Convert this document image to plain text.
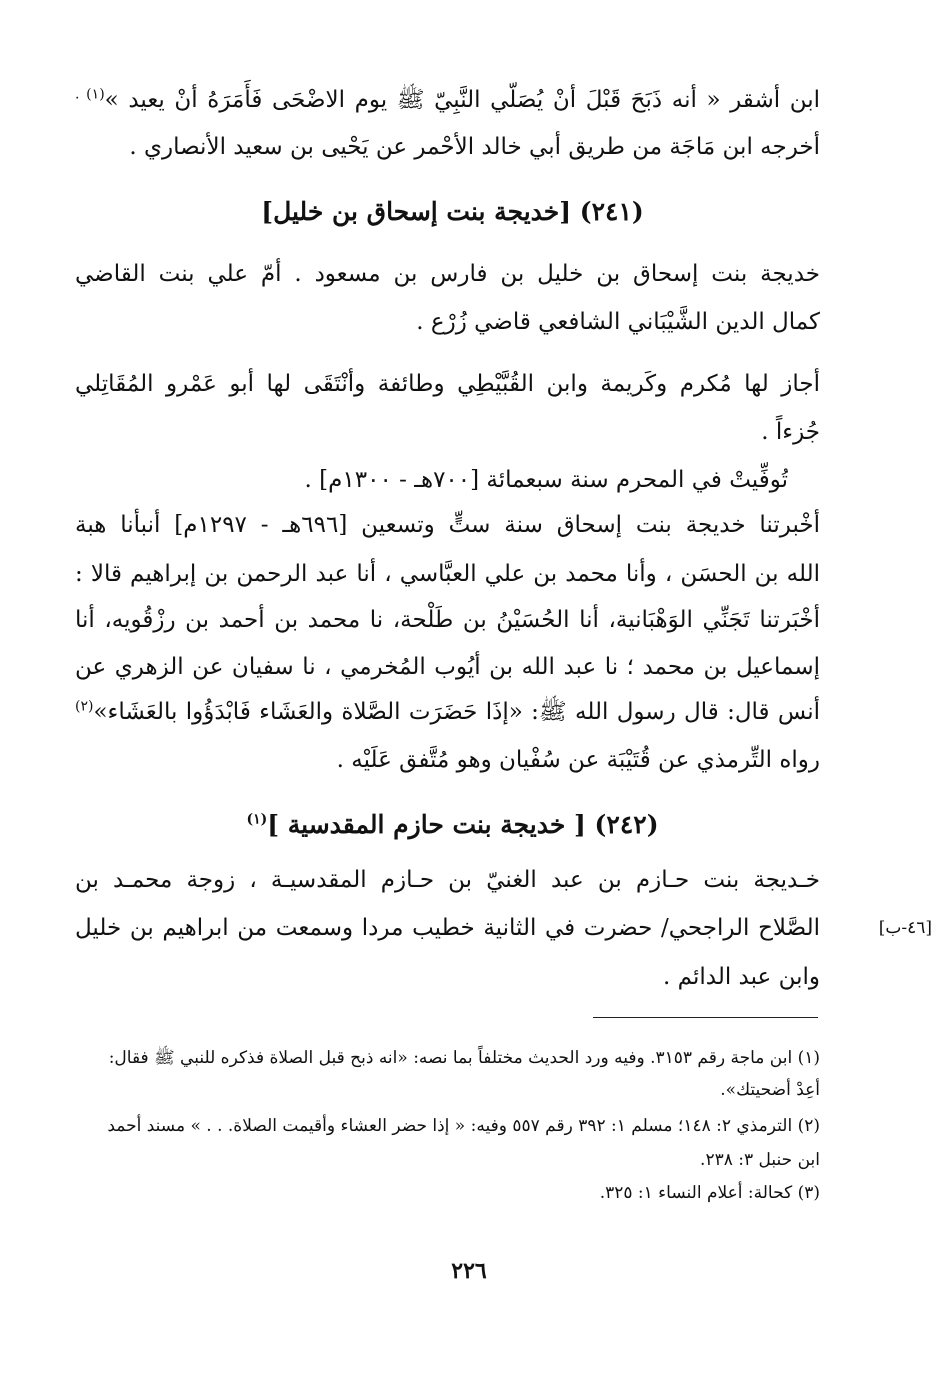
ابن أشقر « أنه ذَبَحَ قَبْلَ أنْ يُصَلّي النَّبِيّ ﷺ يوم الاضْحَى فَأَمَرَهُ أنْ يعيد »$^{(١) .}$
أخرجه ابن مَاجَة من طريق أبي خالد الأحْمر عن يَحْيى بن سعيد الأنصاري .
(٢٤١) [خديجة بنت إسحاق بن خليل]
خديجة بنت إسحاق بن خليل بن فارس بن مسعود . أمّ علي بنت القاضي
كمال الدين الشَّيْبَاني الشافعي قاضي زُرْع .
أجاز لها مُكرم وكَريمة وابن القُبَّيْطِي وطائفة وأنْتَقَى لها أبو عَمْرو المُقَاتِلي
جُزءاً .
تُوفِّيتْ في المحرم سنة سبعمائة [٧٠٠هـ - ١٣٠٠م] .
أخْبرتنا خديجة بنت إسحاق سنة ستٍّ وتسعين [٦٩٦هـ - ١٢٩٧م] أنبأنا هبة
الله بن الحسَن ، وأنا محمد بن علي العبَّاسي ، أنا عبد الرحمن بن إبراهيم قالا :
أخْبَرتنا تَجَنِّي الوَهْبَانية، أنا الحُسَيْنُ بن طَلْحة، نا محمد بن أحمد بن رزْقُويه، أنا
إسماعيل بن محمد ؛ نا عبد الله بن أيُوب المُخرمي ، نا سفيان عن الزهري عن
أنس قال: قال رسول الله ﷺ: «إذَا حَضَرَت الصَّلاة والعَشَاء فَابْدَؤُوا بالعَشَاء»$^{(٢)}$
رواه التِّرمذي عن قُتَيْبَة عن سُفْيان وهو مُتَّفق عَلَيْه .
(٢٤٢) [ خديجة بنت حازم المقدسية ]$^{(١)}$
خـديجة بنت حـازم بن عبد الغنيّ بن حـازم المقدسيـة ، زوجة محمـد بن
الصَّلاح الراجحي/ حضرت في الثانية خطيب مردا وسمعت من ابراهيم بن خليل
وابن عبد الدائم .
[٤٦-ب]
(١) ابن ماجة رقم ٣١٥٣. وفيه ورد الحديث مختلفاً بما نصه: «انه ذبح قبل الصلاة فذكره للنبي ﷺ فقال:
أعِدْ أضحيتك».
(٢) الترمذي ٢: ١٤٨؛ مسلم ١: ٣٩٢ رقم ٥٥٧ وفيه: « إذا حضر العشاء وأقيمت الصلاة. . . » مسند أحمد
ابن حنبل ٣: ٢٣٨.
(٣) كحالة: أعلام النساء ١: ٣٢٥.
٢٢٦
